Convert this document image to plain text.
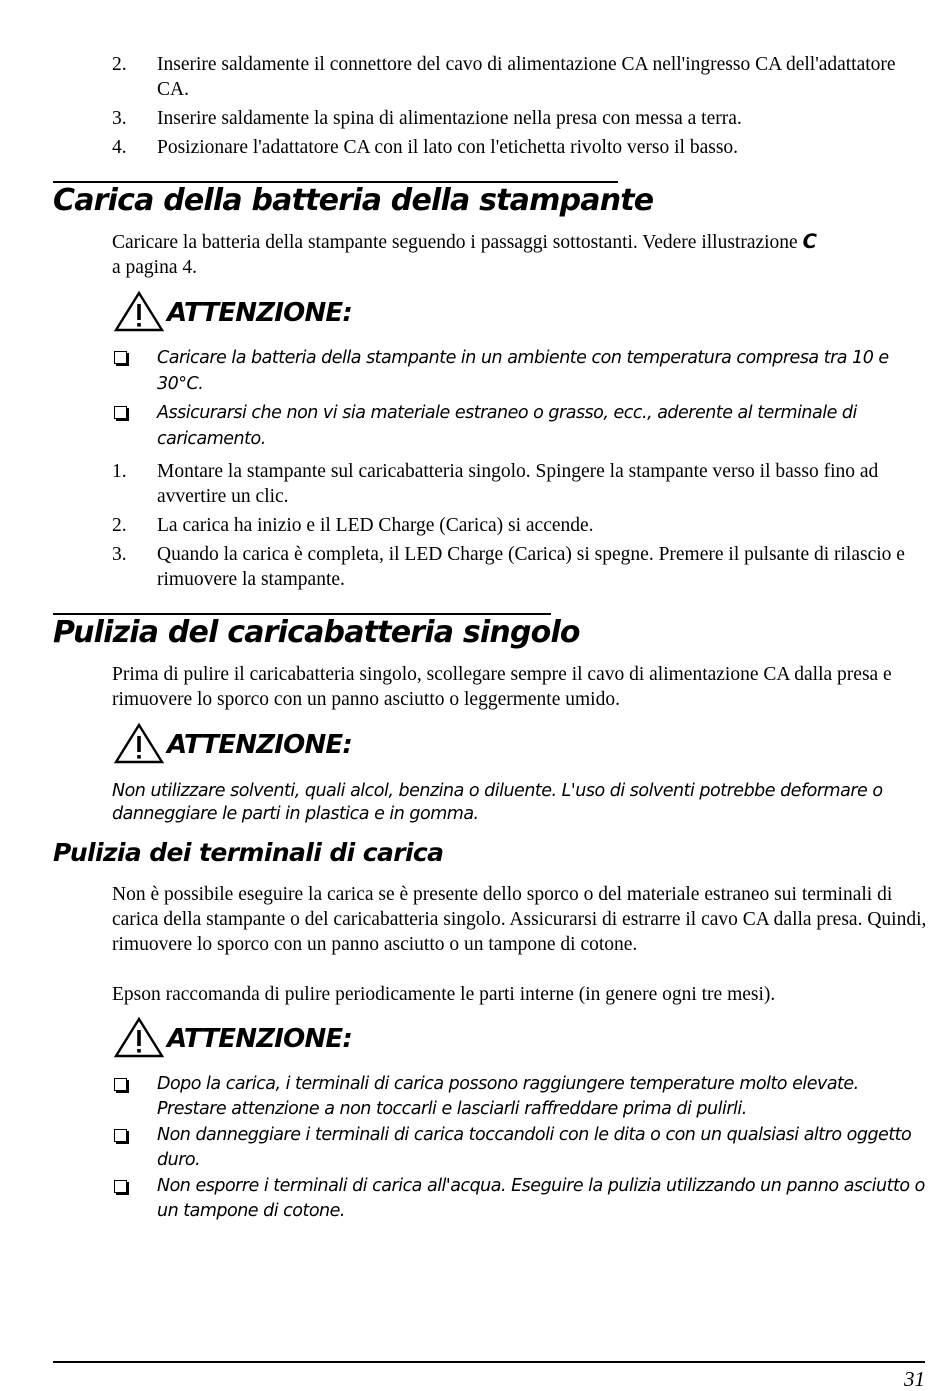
2. Inserire saldamente il connettore del cavo di alimentazione CA nell'ingresso CA dell'adattatore CA.
3. Inserire saldamente la spina di alimentazione nella presa con messa a terra.
4. Posizionare l'adattatore CA con il lato con l'etichetta rivolto verso il basso.
Carica della batteria della stampante

Caricare la batteria della stampante seguendo i passaggi sottostanti. Vedere illustrazione C
a pagina 4.

ATTENZIONE:
Caricare la batteria della stampante in un ambiente con temperatura compresa tra 10 e 30°C.
Assicurarsi che non vi sia materiale estraneo o grasso, ecc., aderente al terminale di caricamento.
1. Montare la stampante sul caricabatteria singolo. Spingere la stampante verso il basso fino ad avvertire un clic.
2. La carica ha inizio e il LED Charge (Carica) si accende.
3. Quando la carica è completa, il LED Charge (Carica) si spegne. Premere il pulsante di rilascio e rimuovere la stampante.
Pulizia del caricabatteria singolo

Prima di pulire il caricabatteria singolo, scollegare sempre il cavo di alimentazione CA dalla presa e rimuovere lo sporco con un panno asciutto o leggermente umido.

ATTENZIONE:

Non utilizzare solventi, quali alcol, benzina o diluente. L'uso di solventi potrebbe deformare o danneggiare le parti in plastica e in gomma.

Pulizia dei terminali di carica

Non è possibile eseguire la carica se è presente dello sporco o del materiale estraneo sui terminali di carica della stampante o del caricabatteria singolo. Assicurarsi di estrarre il cavo CA dalla presa. Quindi, rimuovere lo sporco con un panno asciutto o un tampone di cotone.

Epson raccomanda di pulire periodicamente le parti interne (in genere ogni tre mesi).

ATTENZIONE:
Dopo la carica, i terminali di carica possono raggiungere temperature molto elevate. Prestare attenzione a non toccarli e lasciarli raffreddare prima di pulirli.
Non danneggiare i terminali di carica toccandoli con le dita o con un qualsiasi altro oggetto duro.
Non esporre i terminali di carica all'acqua. Eseguire la pulizia utilizzando un panno asciutto o un tampone di cotone.
31
